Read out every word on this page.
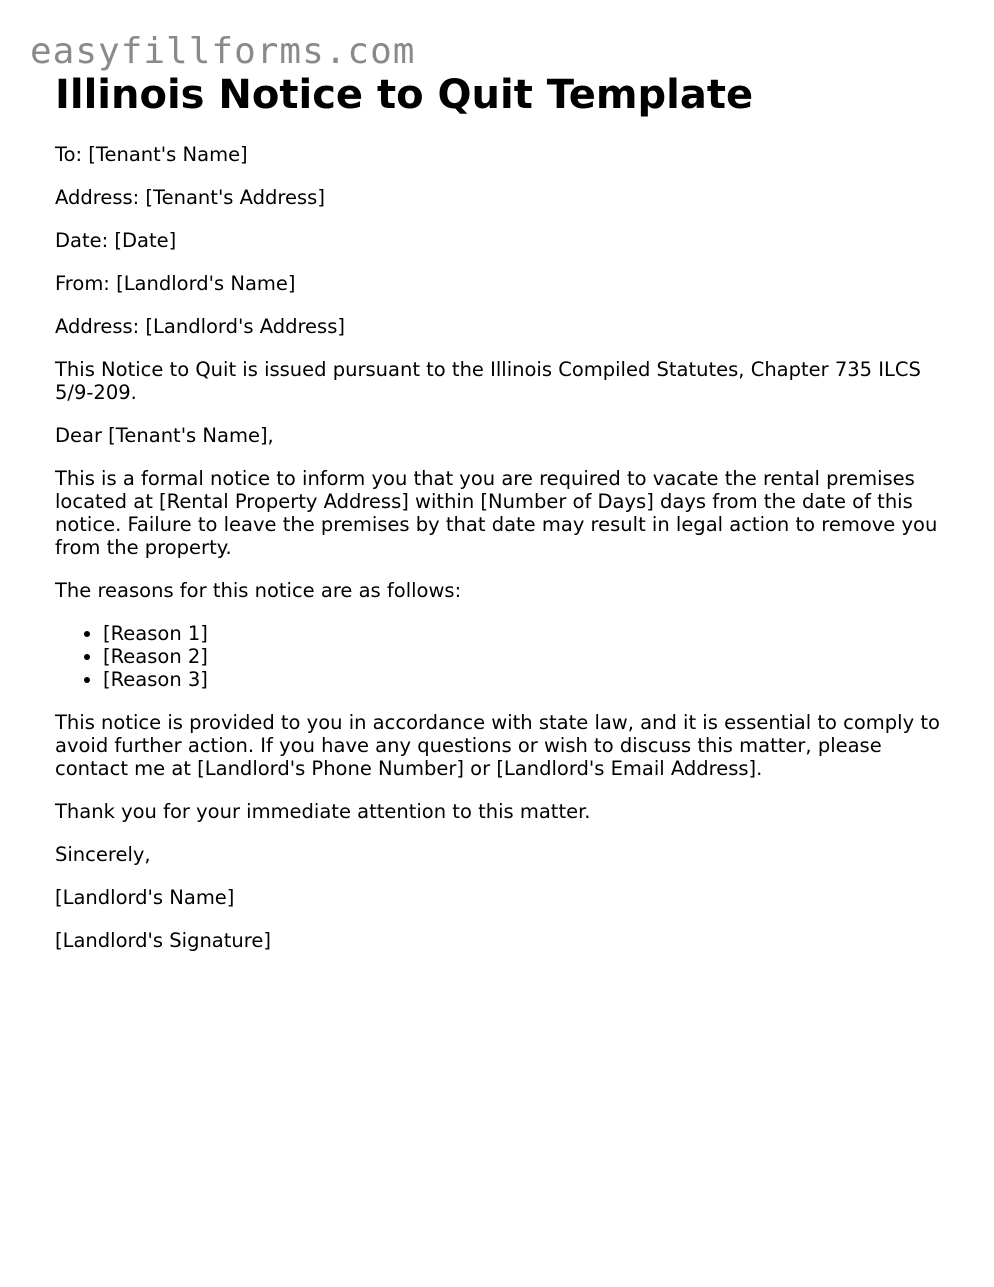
easyfillforms.com
Illinois Notice to Quit Template

To: [Tenant's Name]

Address: [Tenant's Address]

Date: [Date]

From: [Landlord's Name]

Address: [Landlord's Address]

This Notice to Quit is issued pursuant to the Illinois Compiled Statutes, Chapter 735 ILCS 5/9-209.

Dear [Tenant's Name],

This is a formal notice to inform you that you are required to vacate the rental premises located at [Rental Property Address] within [Number of Days] days from the date of this notice. Failure to leave the premises by that date may result in legal action to remove you from the property.

The reasons for this notice are as follows:

• [Reason 1]
• [Reason 2]
• [Reason 3]

This notice is provided to you in accordance with state law, and it is essential to comply to avoid further action. If you have any questions or wish to discuss this matter, please contact me at [Landlord's Phone Number] or [Landlord's Email Address].

Thank you for your immediate attention to this matter.

Sincerely,

[Landlord's Name]

[Landlord's Signature]
